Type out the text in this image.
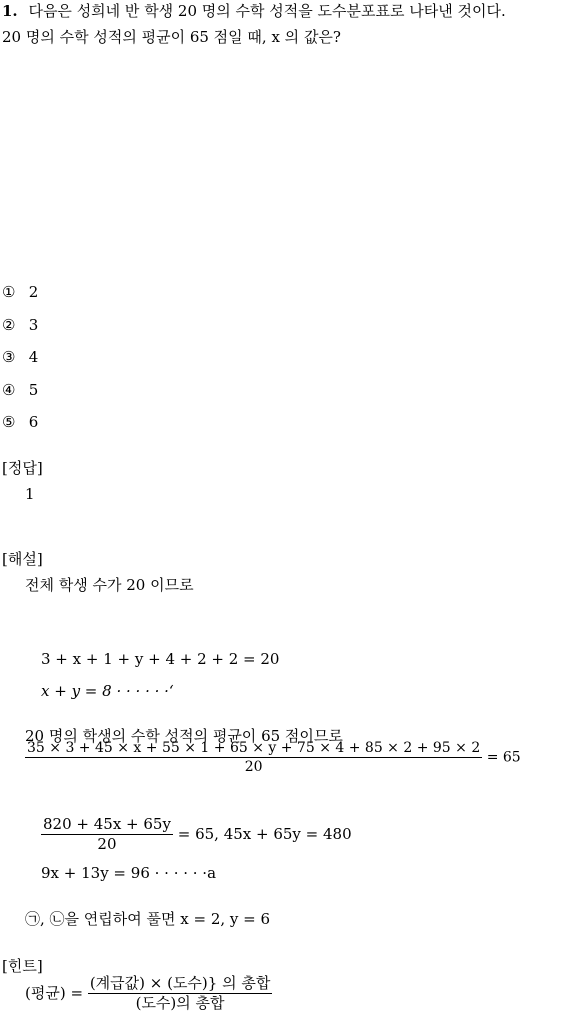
1. 다음은 성희네 반 학생 20 명의 수학 성적을 도수분포표로 나타낸 것이다.
20 명의 수학 성적의 평균이 65 점일 때, x 의 값은?
① 2
② 3
③ 4
④ 5
⑤ 6
[정답]
1
[해설]
전체 학생 수가 20 이므로
3 + x + 1 + y + 4 + 2 + 2 = 20
x + y = 8 · · · · · ·‘
20 명의 학생의 수학 성적의 평균이 65 점이므로
$\frac{35 \times 3 + 45 \times x + 55 \times 1 + 65 \times y + 75 \times 4 + 85 \times 2 + 95 \times 2}{20} = 65$
$\frac{820 + 45x + 65y}{20} = 65$, 45x + 65y = 480
9x + 13y = 96 · · · · · ·a
㉠, ㉡을 연립하여 풀면 x = 2, y = 6
[힌트]
(평균) = $\frac{\text{(계급값) × (도수)\} 의 총합}}{\text{(도수)의 총합}}$
